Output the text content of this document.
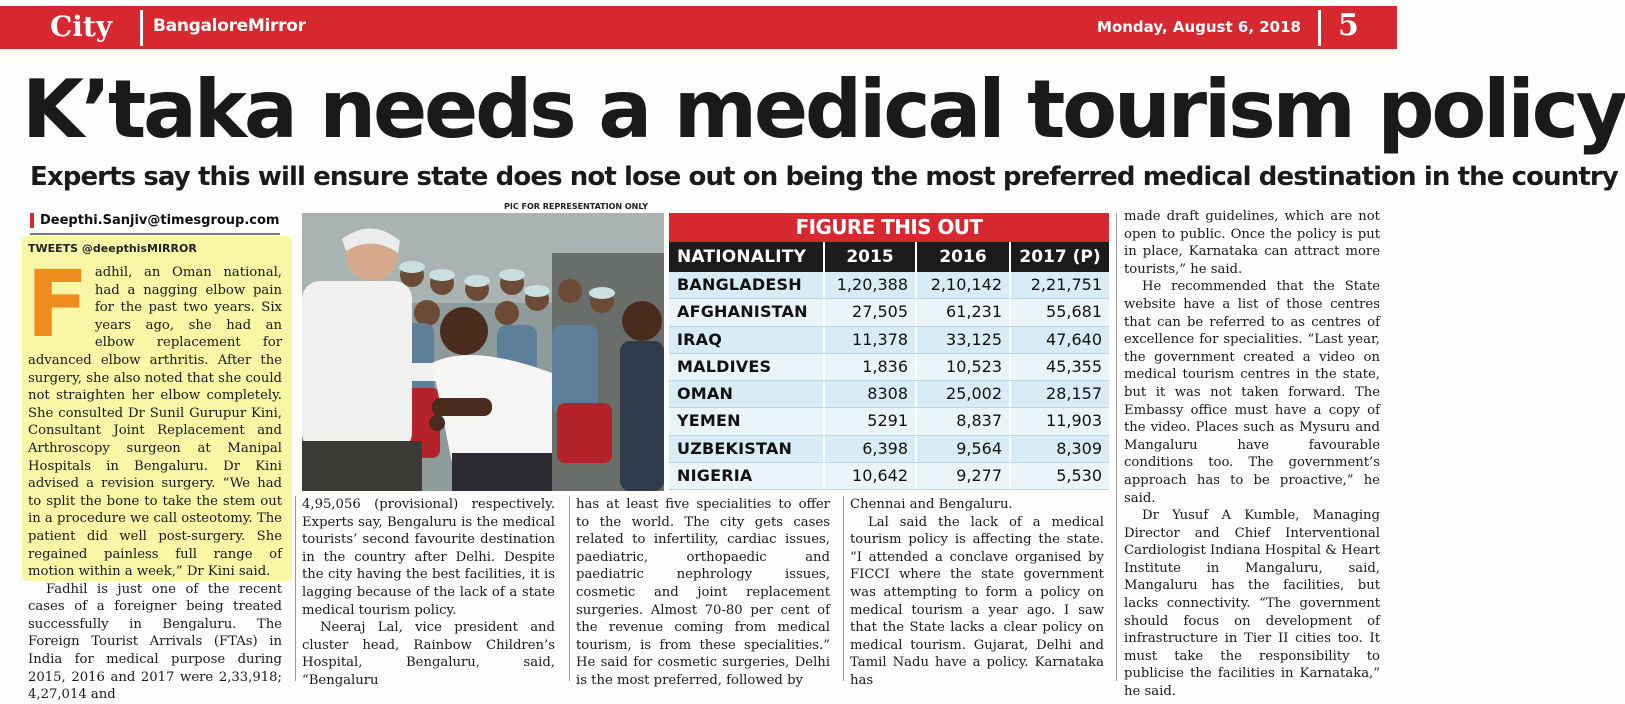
City BangaloreMirror	Monday, August 6, 2018 5
K’taka needs a medical tourism policy
Experts say this will ensure state does not lose out on being the most preferred medical destination in the country
PIC FOR REPRESENTATION ONLY
Deepthi.Sanjiv@timesgroup.com
TWEETS @deepthisMIRROR

Fadhil, an Oman national, had a nagging elbow pain for the past two years. Six years ago, she had an elbow replacement for advanced elbow arthritis. After the surgery, she also noted that she could not straighten her elbow completely. She consulted Dr Sunil Gurupur Kini, Consultant Joint Replacement and Arthroscopy surgeon at Manipal Hospitals in Bengaluru. Dr Kini advised a revision surgery. “We had to split the bone to take the stem out in a procedure we call osteotomy. The patient did well post-surgery. She regained painless full range of motion within a week,” Dr Kini said.

Fadhil is just one of the recent cases of a foreigner being treated successfully in Bengaluru. The Foreign Tourist Arrivals (FTAs) in India for medical purpose during 2015, 2016 and 2017 were 2,33,918; 4,27,014 and

FIGURE THIS OUT
NATIONALITY	2015	2016	2017 (P)
BANGLADESH	1,20,388	2,10,142	2,21,751
AFGHANISTAN	27,505	61,231	55,681
IRAQ	11,378	33,125	47,640
MALDIVES	1,836	10,523	45,355
OMAN	8308	25,002	28,157
YEMEN	5291	8,837	11,903
UZBEKISTAN	6,398	9,564	8,309
NIGERIA	10,642	9,277	5,530

4,95,056 (provisional) respectively. Experts say, Bengaluru is the medical tourists’ second favourite destination in the country after Delhi. Despite the city having the best facilities, it is lagging because of the lack of a state medical tourism policy.

Neeraj Lal, vice president and cluster head, Rainbow Children’s Hospital, Bengaluru, said, “Bengaluru

has at least five specialities to offer to the world. The city gets cases related to infertility, cardiac issues, paediatric, orthopaedic and paediatric nephrology issues, cosmetic and joint replacement surgeries. Almost 70-80 per cent of the revenue coming from medical tourism, is from these specialities.” He said for cosmetic surgeries, Delhi is the most preferred, followed by

Chennai and Bengaluru.

Lal said the lack of a medical tourism policy is affecting the state. “I attended a conclave organised by FICCI where the state government was attempting to form a policy on medical tourism a year ago. I saw that the State lacks a clear policy on medical tourism. Gujarat, Delhi and Tamil Nadu have a policy. Karnataka has

made draft guidelines, which are not open to public. Once the policy is put in place, Karnataka can attract more tourists,” he said.

He recommended that the State website have a list of those centres that can be referred to as centres of excellence for specialities. “Last year, the government created a video on medical tourism centres in the state, but it was not taken forward. The Embassy office must have a copy of the video. Places such as Mysuru and Mangaluru have favourable conditions too. The government’s approach has to be proactive,” he said.

Dr Yusuf A Kumble, Managing Director and Chief Interventional Cardiologist Indiana Hospital & Heart Institute in Mangaluru, said, Mangaluru has the facilities, but lacks connectivity. “The government should focus on development of infrastructure in Tier II cities too. It must take the responsibility to publicise the facilities in Karnataka,” he said.
